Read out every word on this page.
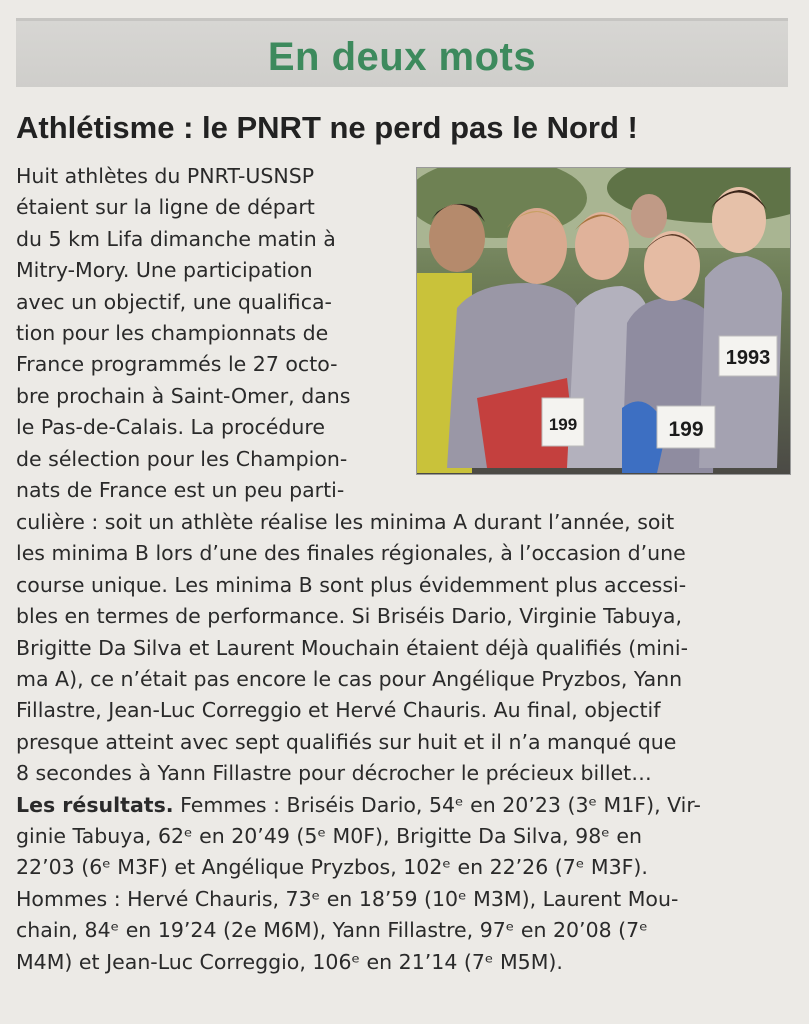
En deux mots
Athlétisme : le PNRT ne perd pas le Nord !
Huit athlètes du PNRT-USNSP
étaient sur la ligne de départ
du 5 km Lifa dimanche matin à
Mitry-Mory. Une participation
avec un objectif, une qualifica-
tion pour les championnats de
France programmés le 27 octo-
bre prochain à Saint-Omer, dans
le Pas-de-Calais. La procédure
de sélection pour les Champion-
nats de France est un peu parti-
1993
199	199
culière : soit un athlète réalise les minima A durant l’année, soit
les minima B lors d’une des finales régionales, à l’occasion d’une
course unique. Les minima B sont plus évidemment plus accessi-
bles en termes de performance. Si Briséis Dario, Virginie Tabuya,
Brigitte Da Silva et Laurent Mouchain étaient déjà qualifiés (mini-
ma A), ce n’était pas encore le cas pour Angélique Pryzbos, Yann
Fillastre, Jean-Luc Correggio et Hervé Chauris. Au final, objectif
presque atteint avec sept qualifiés sur huit et il n’a manqué que
8 secondes à Yann Fillastre pour décrocher le précieux billet…
Les résultats. Femmes : Briséis Dario, 54ᵉ en 20’23 (3ᵉ M1F), Vir-
ginie Tabuya, 62ᵉ en 20’49 (5ᵉ M0F), Brigitte Da Silva, 98ᵉ en
22’03 (6ᵉ M3F) et Angélique Pryzbos, 102ᵉ en 22’26 (7ᵉ M3F).
Hommes : Hervé Chauris, 73ᵉ en 18’59 (10ᵉ M3M), Laurent Mou-
chain, 84ᵉ en 19’24 (2e M6M), Yann Fillastre, 97ᵉ en 20’08 (7ᵉ
M4M) et Jean-Luc Correggio, 106ᵉ en 21’14 (7ᵉ M5M).
